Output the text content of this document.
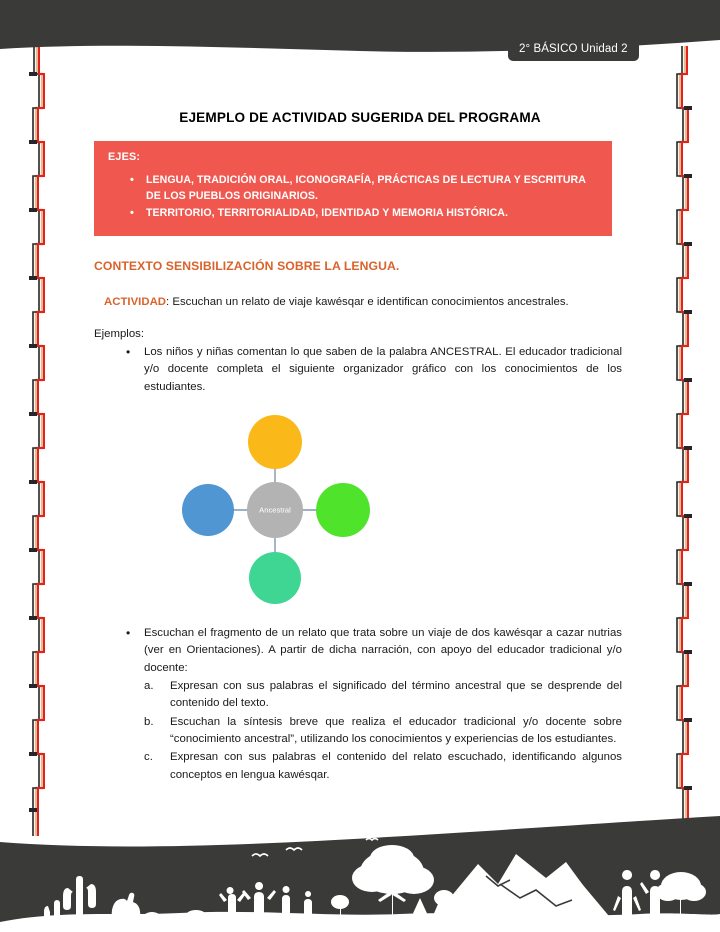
2° BÁSICO Unidad 2
EJEMPLO DE ACTIVIDAD SUGERIDA DEL PROGRAMA
EJES:
• LENGUA, TRADICIÓN ORAL, ICONOGRAFÍA, PRÁCTICAS DE LECTURA Y ESCRITURA DE LOS PUEBLOS ORIGINARIOS.
• TERRITORIO, TERRITORIALIDAD, IDENTIDAD Y MEMORIA HISTÓRICA.
CONTEXTO SENSIBILIZACIÓN SOBRE LA LENGUA.
ACTIVIDAD: Escuchan un relato de viaje kawésqar e identifican conocimientos ancestrales.
Ejemplos:
• Los niños y niñas comentan lo que saben de la palabra ANCESTRAL. El educador tradicional y/o docente completa el siguiente organizador gráfico con los conocimientos de los estudiantes.
Ancestral
• Escuchan el fragmento de un relato que trata sobre un viaje de dos kawésqar a cazar nutrias (ver en Orientaciones). A partir de dicha narración, con apoyo del educador tradicional y/o docente:
a. Expresan con sus palabras el significado del término ancestral que se desprende del contenido del texto.
b. Escuchan la síntesis breve que realiza el educador tradicional y/o docente sobre “conocimiento ancestral”, utilizando los conocimientos y experiencias de los estudiantes.
c. Expresan con sus palabras el contenido del relato escuchado, identificando algunos conceptos en lengua kawésqar.
